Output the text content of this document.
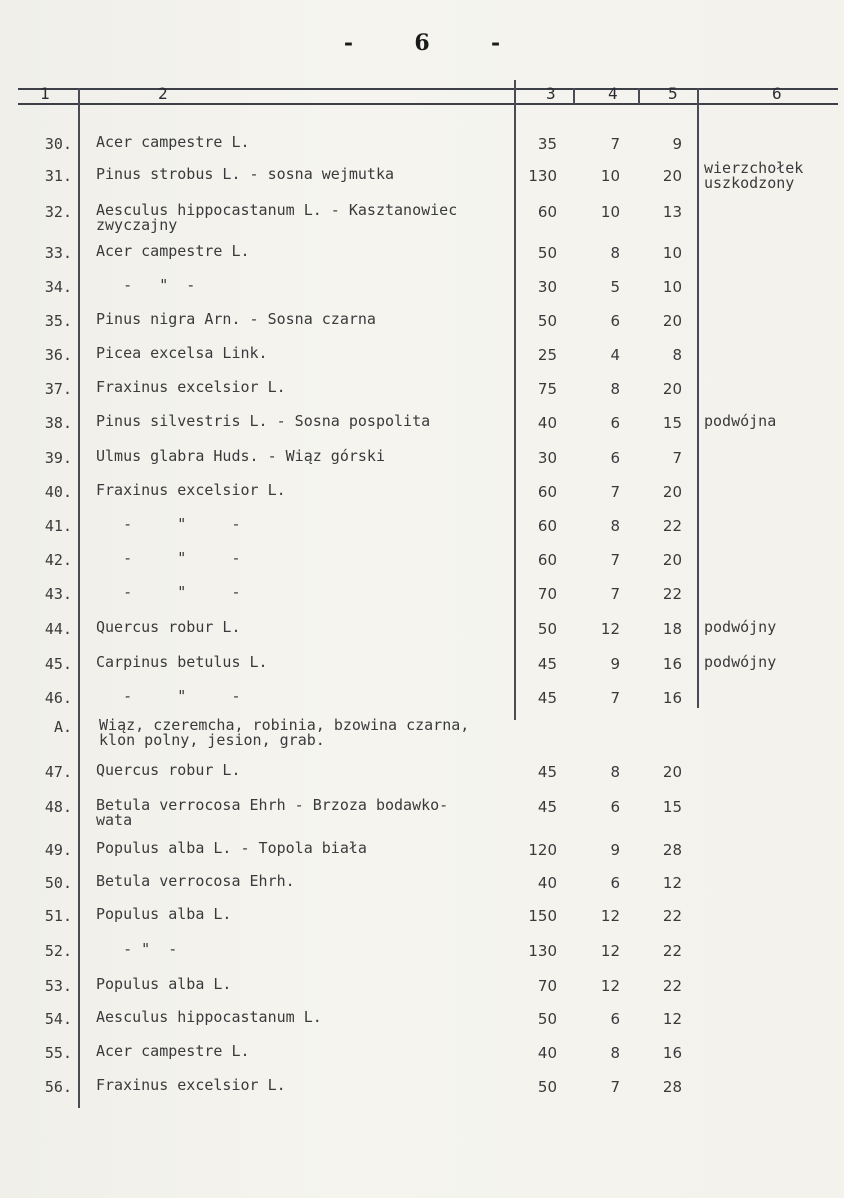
-	6	-
1	2	3	4	5	6
30. Acer campestre L.	35	7	9
31. Pinus strobus L. - sosna wejmutka	130	10	20 wierzchołek
uszkodzony
32. Aesculus hippocastanum L. - Kasztanowiec
zwyczajny
60	10	13
33. Acer campestre L.	50	8	10
34. -   "  -	30	5	10
35. Pinus nigra Arn. - Sosna czarna	50	6	20
36. Picea excelsa Link.	25	4	8
37. Fraxinus excelsior L.	75	8	20
38. Pinus silvestris L. - Sosna pospolita	40	6	15 podwójna
39. Ulmus glabra Huds. - Wiąz górski	30	6	7
40. Fraxinus excelsior L.	60	7	20
41. -     "     -	60	8	22
42. -     "     -	60	7	20
43. -     "     -	70	7	22
44. Quercus robur L.	50	12	18 podwójny
45. Carpinus betulus L.	45	9	16 podwójny
46. -     "     -	45	7	16
A.	Wiąz, czeremcha, robinia, bzowina czarna,
klon polny, jesion, grab.
47. Quercus robur L.	45	8	20
48. Betula verrocosa Ehrh - Brzoza bodawko-
wata
45	6	15
49. Populus alba L. - Topola biała	120	9	28
50. Betula verrocosa Ehrh.	40	6	12
51. Populus alba L.	150	12	22
52. - "  -	130	12	22
53. Populus alba L.	70	12	22
54. Aesculus hippocastanum L.	50	6	12
55. Acer campestre L.	40	8	16
56. Fraxinus excelsior L.	50	7	28
